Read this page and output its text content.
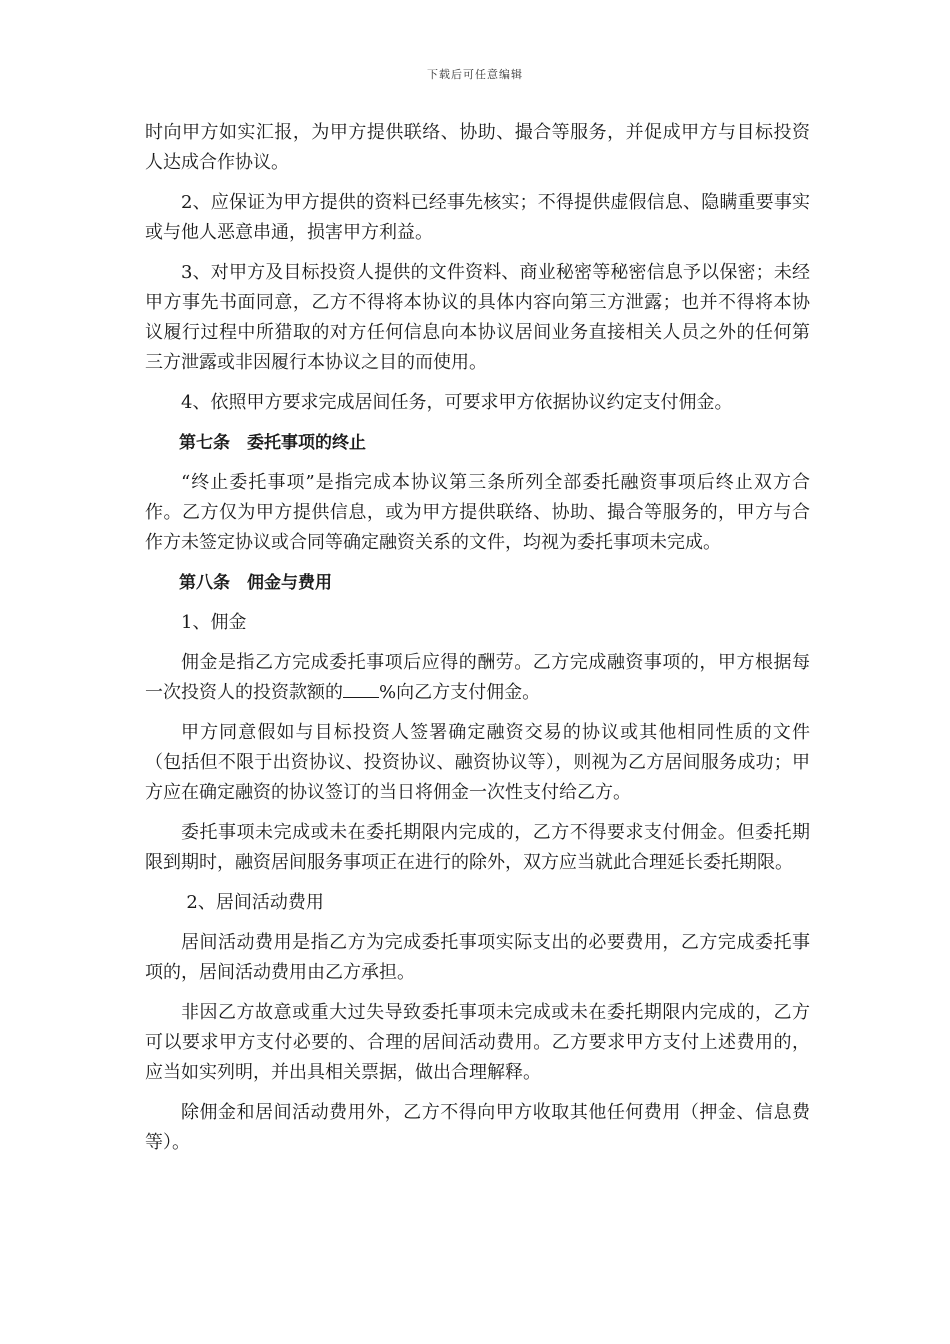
下载后可任意编辑

时向甲方如实汇报，为甲方提供联络、协助、撮合等服务，并促成甲方与目标投资人达成合作协议。

2、应保证为甲方提供的资料已经事先核实；不得提供虚假信息、隐瞒重要事实或与他人恶意串通，损害甲方利益。

3、对甲方及目标投资人提供的文件资料、商业秘密等秘密信息予以保密；未经甲方事先书面同意，乙方不得将本协议的具体内容向第三方泄露；也并不得将本协议履行过程中所猎取的对方任何信息向本协议居间业务直接相关人员之外的任何第三方泄露或非因履行本协议之目的而使用。

4、依照甲方要求完成居间任务，可要求甲方依据协议约定支付佣金。

第七条　委托事项的终止

“终止委托事项”是指完成本协议第三条所列全部委托融资事项后终止双方合作。乙方仅为甲方提供信息，或为甲方提供联络、协助、撮合等服务的，甲方与合作方未签定协议或合同等确定融资关系的文件，均视为委托事项未完成。

第八条　佣金与费用

1、佣金

佣金是指乙方完成委托事项后应得的酬劳。乙方完成融资事项的，甲方根据每一次投资人的投资款额的 %向乙方支付佣金。

甲方同意假如与目标投资人签署确定融资交易的协议或其他相同性质的文件（包括但不限于出资协议、投资协议、融资协议等），则视为乙方居间服务成功；甲方应在确定融资的协议签订的当日将佣金一次性支付给乙方。

委托事项未完成或未在委托期限内完成的，乙方不得要求支付佣金。但委托期限到期时，融资居间服务事项正在进行的除外，双方应当就此合理延长委托期限。

2、居间活动费用

居间活动费用是指乙方为完成委托事项实际支出的必要费用，乙方完成委托事项的，居间活动费用由乙方承担。

非因乙方故意或重大过失导致委托事项未完成或未在委托期限内完成的，乙方可以要求甲方支付必要的、合理的居间活动费用。乙方要求甲方支付上述费用的，应当如实列明，并出具相关票据，做出合理解释。

除佣金和居间活动费用外，乙方不得向甲方收取其他任何费用（押金、信息费等）。
